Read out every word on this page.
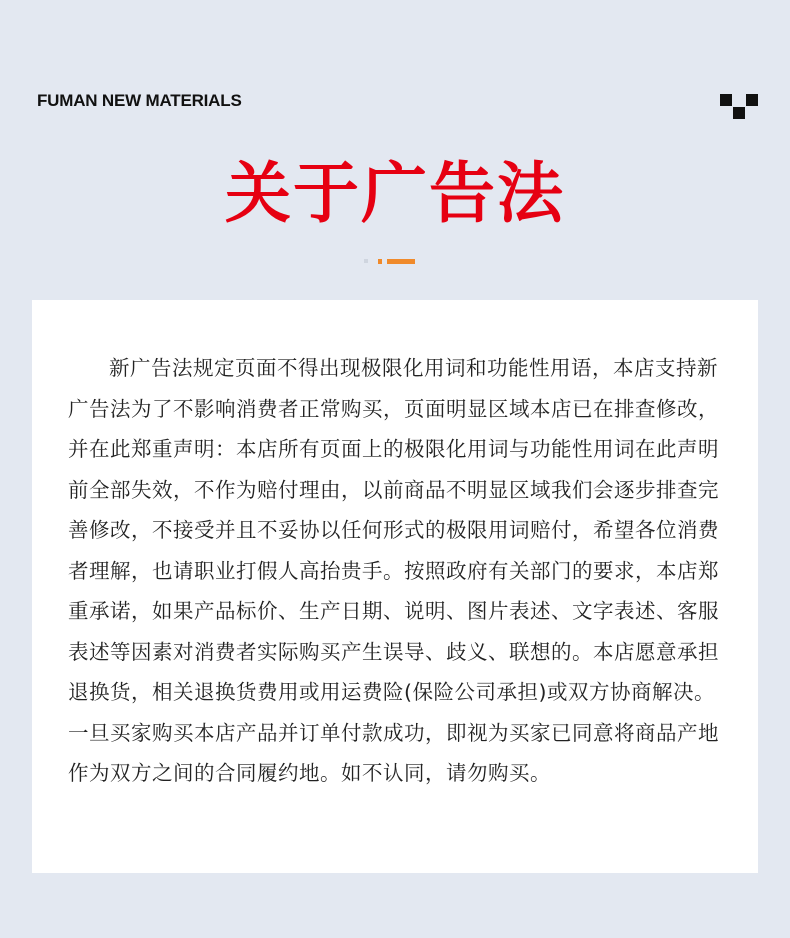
FUMAN NEW MATERIALS
关于广告法

新广告法规定页面不得出现极限化用词和功能性用语，本店支持新广告法为了不影响消费者正常购买，页面明显区域本店已在排查修改，并在此郑重声明：本店所有页面上的极限化用词与功能性用词在此声明前全部失效，不作为赔付理由，以前商品不明显区域我们会逐步排查完善修改，不接受并且不妥协以任何形式的极限用词赔付，希望各位消费者理解，也请职业打假人高抬贵手。按照政府有关部门的要求，本店郑重承诺，如果产品标价、生产日期、说明、图片表述、文字表述、客服表述等因素对消费者实际购买产生误导、歧义、联想的。本店愿意承担退换货，相关退换货费用或用运费险(保险公司承担)或双方协商解决。一旦买家购买本店产品并订单付款成功，即视为买家已同意将商品产地作为双方之间的合同履约地。如不认同，请勿购买。
